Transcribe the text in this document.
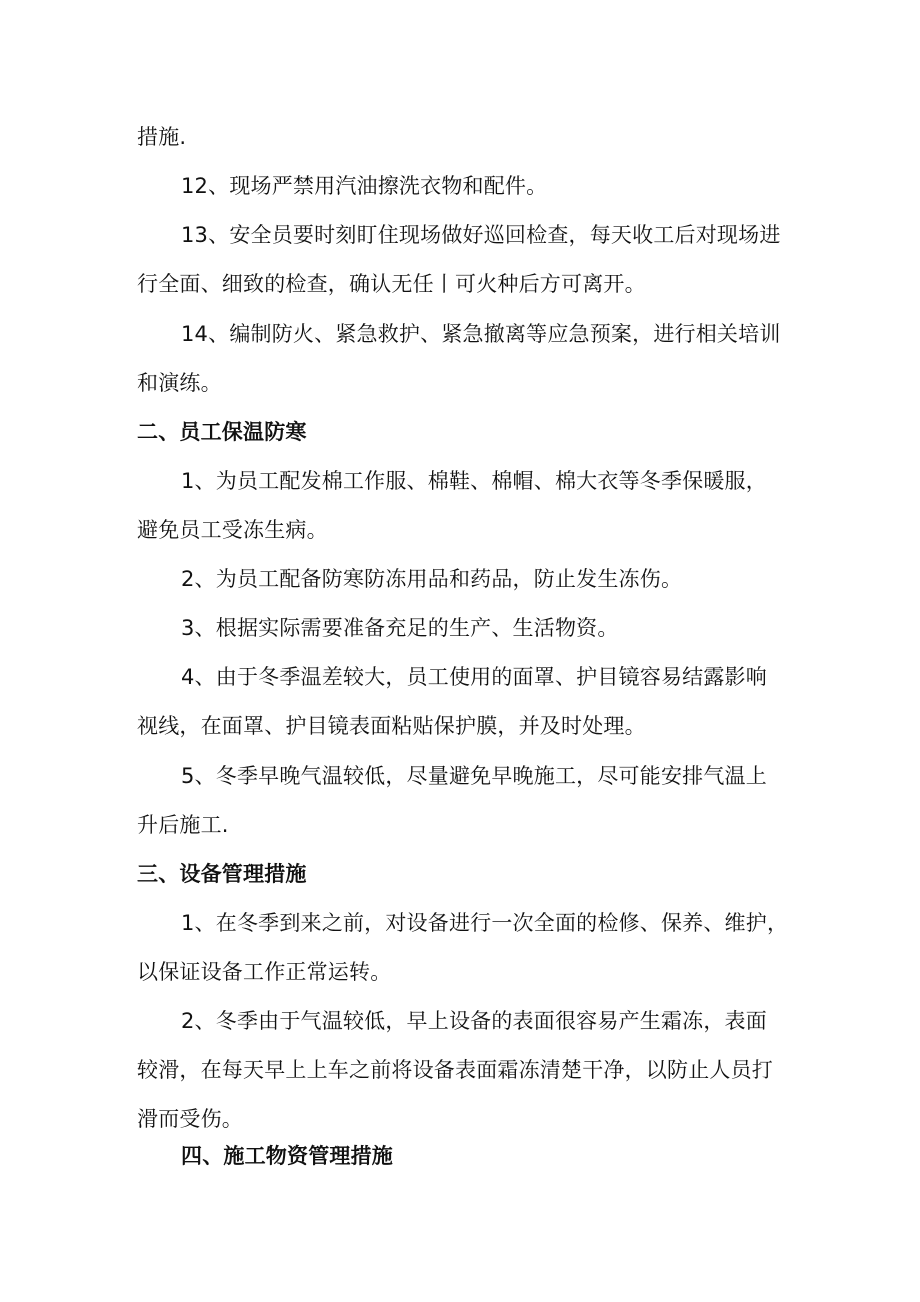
措施.
12、现场严禁用汽油擦洗衣物和配件。
13、安全员要时刻盯住现场做好巡回检查，每天收工后对现场进
行全面、细致的检查，确认无任丨可火种后方可离开。
14、编制防火、紧急救护、紧急撤离等应急预案，进行相关培训
和演练。
二、员工保温防寒
1、为员工配发棉工作服、棉鞋、棉帽、棉大衣等冬季保暖服，
避免员工受冻生病。
2、为员工配备防寒防冻用品和药品，防止发生冻伤。
3、根据实际需要准备充足的生产、生活物资。
4、由于冬季温差较大，员工使用的面罩、护目镜容易结露影响
视线，在面罩、护目镜表面粘贴保护膜，并及时处理。
5、冬季早晚气温较低，尽量避免早晚施工，尽可能安排气温上
升后施工.
三、设备管理措施
1、在冬季到来之前，对设备进行一次全面的检修、保养、维护，
以保证设备工作正常运转。
2、冬季由于气温较低，早上设备的表面很容易产生霜冻，表面
较滑，在每天早上上车之前将设备表面霜冻清楚干净，以防止人员打
滑而受伤。
四、施工物资管理措施
